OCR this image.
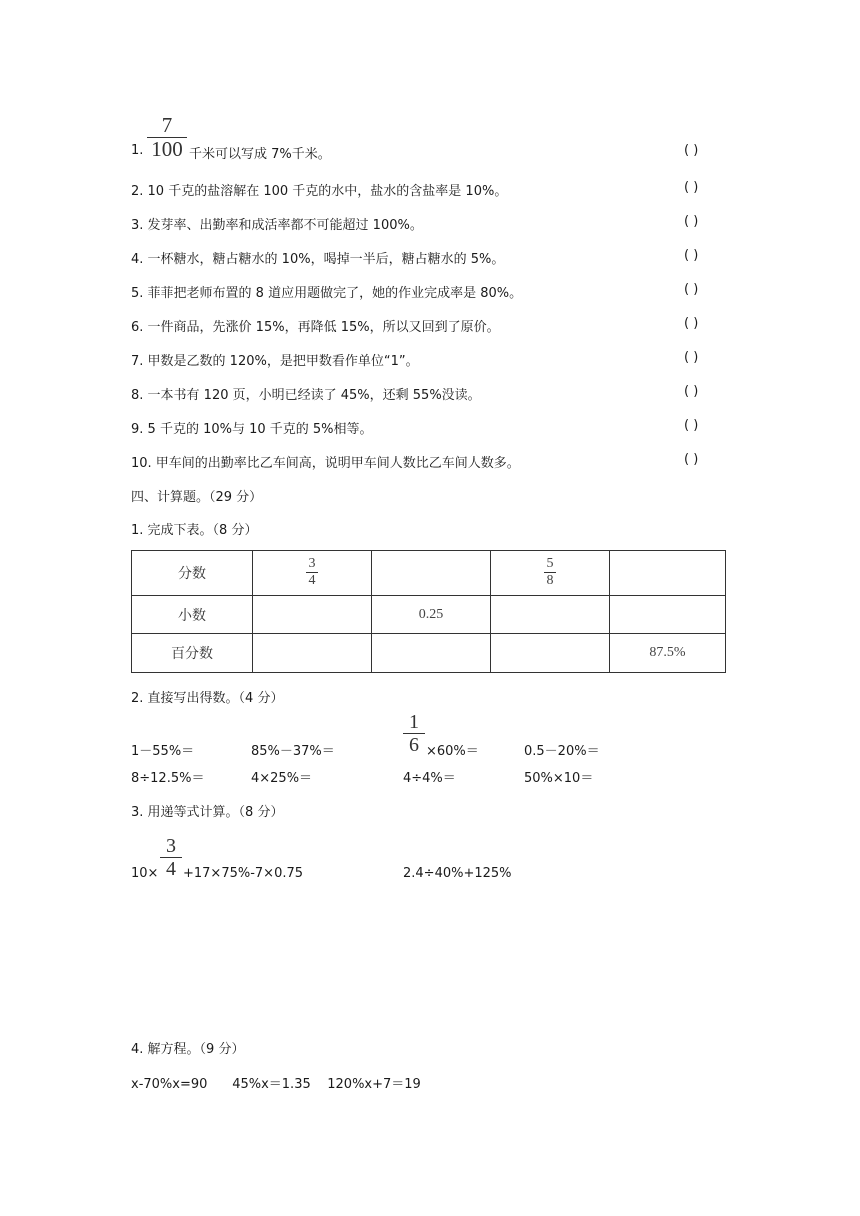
1.
7
100 千米可以写成 7%千米。	( )
2. 10 千克的盐溶解在 100 千克的水中，盐水的含盐率是 10%。	( )
3. 发芽率、出勤率和成活率都不可能超过 100%。	( )
4. 一杯糖水，糖占糖水的 10%，喝掉一半后，糖占糖水的 5%。	( )
5. 菲菲把老师布置的 8 道应用题做完了，她的作业完成率是 80%。	( )
6. 一件商品，先涨价 15%，再降低 15%，所以又回到了原价。	( )
7. 甲数是乙数的 120%，是把甲数看作单位“1”。	( )
8. 一本书有 120 页，小明已经读了 45%，还剩 55%没读。	( )
9. 5 千克的 10%与 10 千克的 5%相等。	( )
10. 甲车间的出勤率比乙车间高，说明甲车间人数比乙车间人数多。	( )
四、计算题。（29 分）
1. 完成下表。（8 分）
分数	$\frac{3}{4}$		$\frac{5}{8}$	
小数		0.25		
百分数				87.5%
2. 直接写出得数。（4 分）
1－55%＝	85%－37%＝
1
6 ×60%＝	0.5－20%＝
8÷12.5%＝	4×25%＝	4÷4%＝	50%×10＝
3. 用递等式计算。（8 分）
10×
3
4 +17×75%-7×0.75	2.4÷40%+125%
4. 解方程。（9 分）
x-70%x=90      45%x＝1.35    120%x+7＝19
